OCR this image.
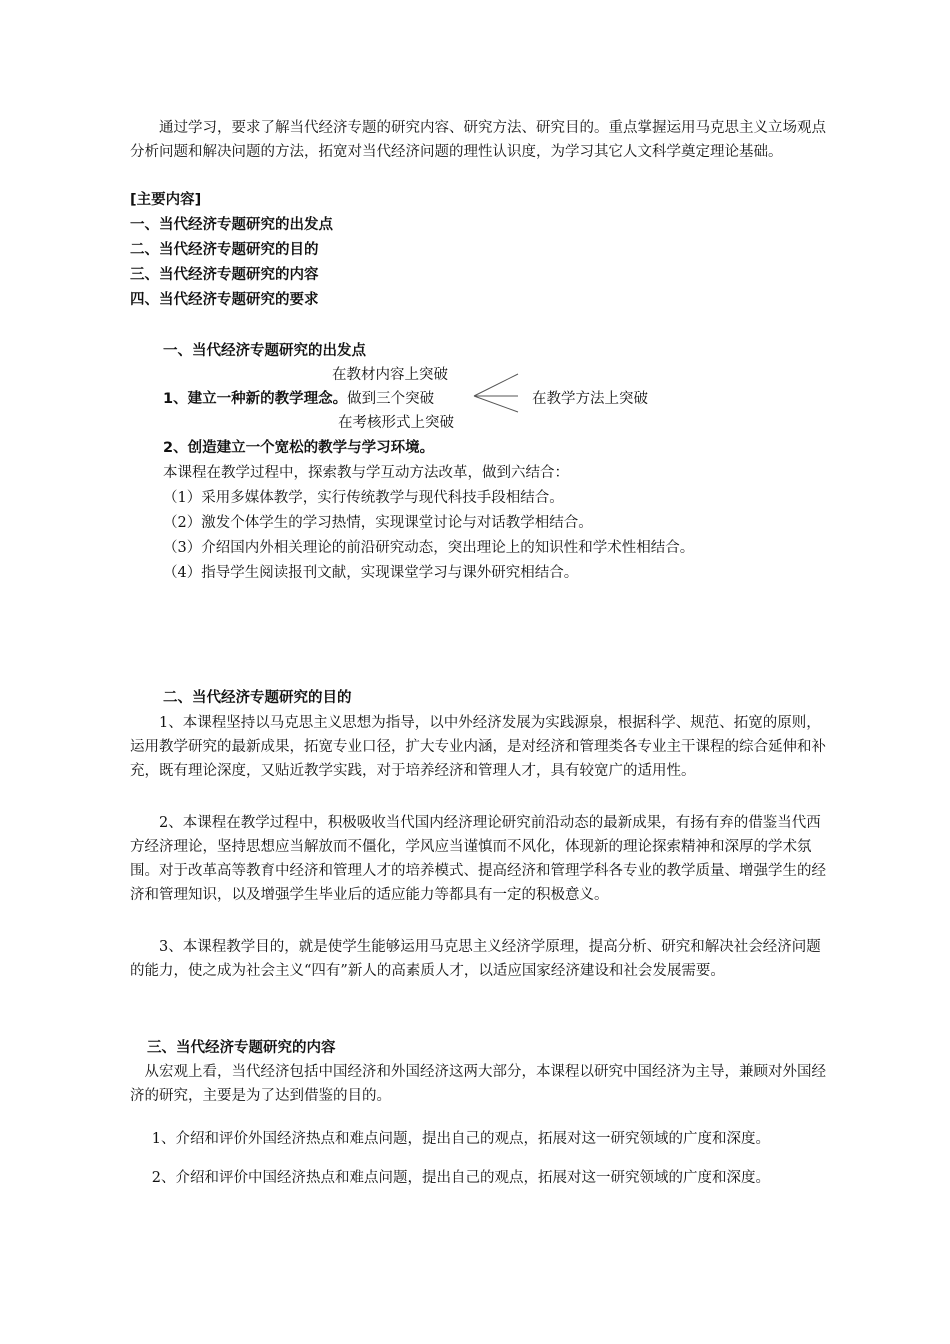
通过学习，要求了解当代经济专题的研究内容、研究方法、研究目的。重点掌握运用马克思主义立场观点分析问题和解决问题的方法，拓宽对当代经济问题的理性认识度，为学习其它人文科学奠定理论基础。

[主要内容]

一、当代经济专题研究的出发点

二、当代经济专题研究的目的

三、当代经济专题研究的内容

四、当代经济专题研究的要求

一、当代经济专题研究的出发点

在教材内容上突破

1、建立一种新的教学理念。做到三个突破	在教学方法上突破

在考核形式上突破

2、创造建立一个宽松的教学与学习环境。

本课程在教学过程中，探索教与学互动方法改革，做到六结合：

（1）采用多媒体教学，实行传统教学与现代科技手段相结合。

（2）激发个体学生的学习热情，实现课堂讨论与对话教学相结合。

（3）介绍国内外相关理论的前沿研究动态，突出理论上的知识性和学术性相结合。

（4）指导学生阅读报刊文献，实现课堂学习与课外研究相结合。

二、当代经济专题研究的目的

1、本课程坚持以马克思主义思想为指导，以中外经济发展为实践源泉，根据科学、规范、拓宽的原则，运用教学研究的最新成果，拓宽专业口径，扩大专业内涵，是对经济和管理类各专业主干课程的综合延伸和补充，既有理论深度，又贴近教学实践，对于培养经济和管理人才，具有较宽广的适用性。

2、本课程在教学过程中，积极吸收当代国内经济理论研究前沿动态的最新成果，有扬有弃的借鉴当代西方经济理论，坚持思想应当解放而不僵化，学风应当谨慎而不风化，体现新的理论探索精神和深厚的学术氛围。对于改革高等教育中经济和管理人才的培养模式、提高经济和管理学科各专业的教学质量、增强学生的经济和管理知识，以及增强学生毕业后的适应能力等都具有一定的积极意义。

3、本课程教学目的，就是使学生能够运用马克思主义经济学原理，提高分析、研究和解决社会经济问题的能力，使之成为社会主义“四有”新人的高素质人才，以适应国家经济建设和社会发展需要。

三、当代经济专题研究的内容

从宏观上看，当代经济包括中国经济和外国经济这两大部分，本课程以研究中国经济为主导，兼顾对外国经济的研究，主要是为了达到借鉴的目的。

1、介绍和评价外国经济热点和难点问题，提出自己的观点，拓展对这一研究领域的广度和深度。

2、介绍和评价中国经济热点和难点问题，提出自己的观点，拓展对这一研究领域的广度和深度。
